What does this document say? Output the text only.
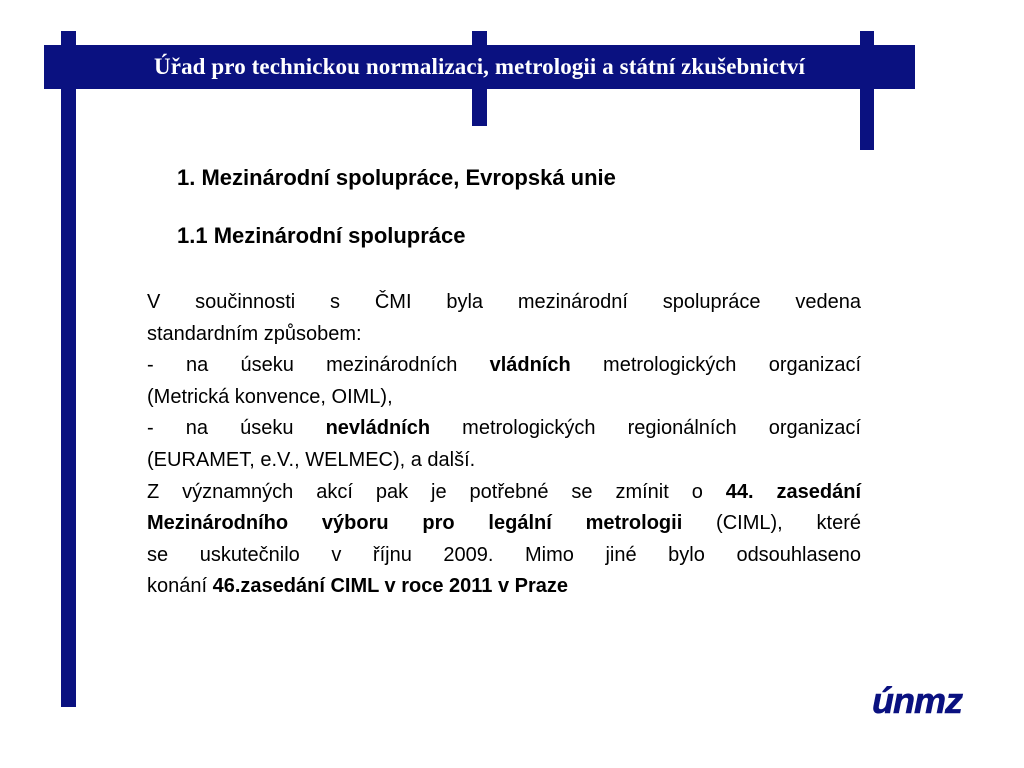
Úřad pro technickou normalizaci, metrologii a státní zkušebnictví
1. Mezinárodní spolupráce, Evropská unie
1.1 Mezinárodní spolupráce
V součinnosti s ČMI byla mezinárodní spolupráce vedena
standardním způsobem:
- na úseku mezinárodních vládních metrologických organizací
(Metrická konvence, OIML),
- na úseku nevládních metrologických regionálních organizací
(EURAMET, e.V., WELMEC), a další.
Z významných akcí pak je potřebné se zmínit o 44. zasedání
Mezinárodního výboru pro legální metrologii (CIML), které
se uskutečnilo v říjnu 2009. Mimo jiné bylo odsouhlaseno
konání 46.zasedání CIML v roce 2011 v Praze
únmz
